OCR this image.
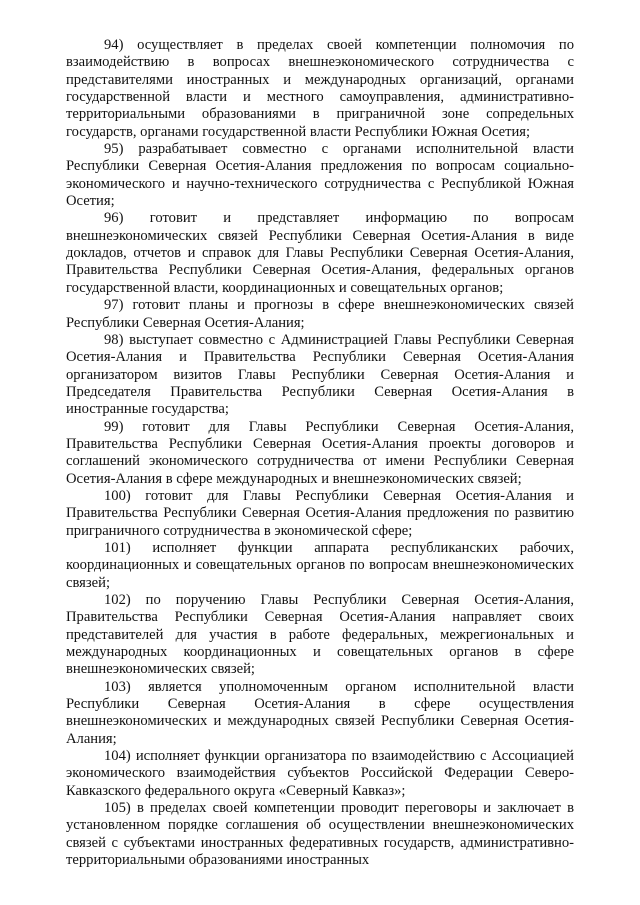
94) осуществляет в пределах своей компетенции полномочия по взаимодействию в вопросах внешнеэкономического сотрудничества с представителями иностранных и международных организаций, органами государственной власти и местного самоуправления, административно-территориальными образованиями в приграничной зоне сопредельных государств, органами государственной власти Республики Южная Осетия;

95) разрабатывает совместно с органами исполнительной власти Республики Северная Осетия-Алания предложения по вопросам социально-экономического и научно-технического сотрудничества с Республикой Южная Осетия;

96) готовит и представляет информацию по вопросам внешнеэкономических связей Республики Северная Осетия-Алания в виде докладов, отчетов и справок для Главы Республики Северная Осетия-Алания, Правительства Республики Северная Осетия-Алания, федеральных органов государственной власти, координационных и совещательных органов;

97) готовит планы и прогнозы в сфере внешнеэкономических связей Республики Северная Осетия-Алания;

98) выступает совместно с Администрацией Главы Республики Северная Осетия-Алания и Правительства Республики Северная Осетия-Алания организатором визитов Главы Республики Северная Осетия-Алания и Председателя Правительства Республики Северная Осетия-Алания в иностранные государства;

99) готовит для Главы Республики Северная Осетия-Алания, Правительства Республики Северная Осетия-Алания проекты договоров и соглашений экономического сотрудничества от имени Республики Северная Осетия-Алания в сфере международных и внешнеэкономических связей;

100) готовит для Главы Республики Северная Осетия-Алания и Правительства Республики Северная Осетия-Алания предложения по развитию приграничного сотрудничества в экономической сфере;

101) исполняет функции аппарата республиканских рабочих, координационных и совещательных органов по вопросам внешнеэкономических связей;

102) по поручению Главы Республики Северная Осетия-Алания, Правительства Республики Северная Осетия-Алания направляет своих представителей для участия в работе федеральных, межрегиональных и международных координационных и совещательных органов в сфере внешнеэкономических связей;

103) является уполномоченным органом исполнительной власти Республики Северная Осетия-Алания в сфере осуществления внешнеэкономических и международных связей Республики Северная Осетия-Алания;

104) исполняет функции организатора по взаимодействию с Ассоциацией экономического взаимодействия субъектов Российской Федерации Северо-Кавказского федерального округа «Северный Кавказ»;

105) в пределах своей компетенции проводит переговоры и заключает в установленном порядке соглашения об осуществлении внешнеэкономических связей с субъектами иностранных федеративных государств, административно-территориальными образованиями иностранных
